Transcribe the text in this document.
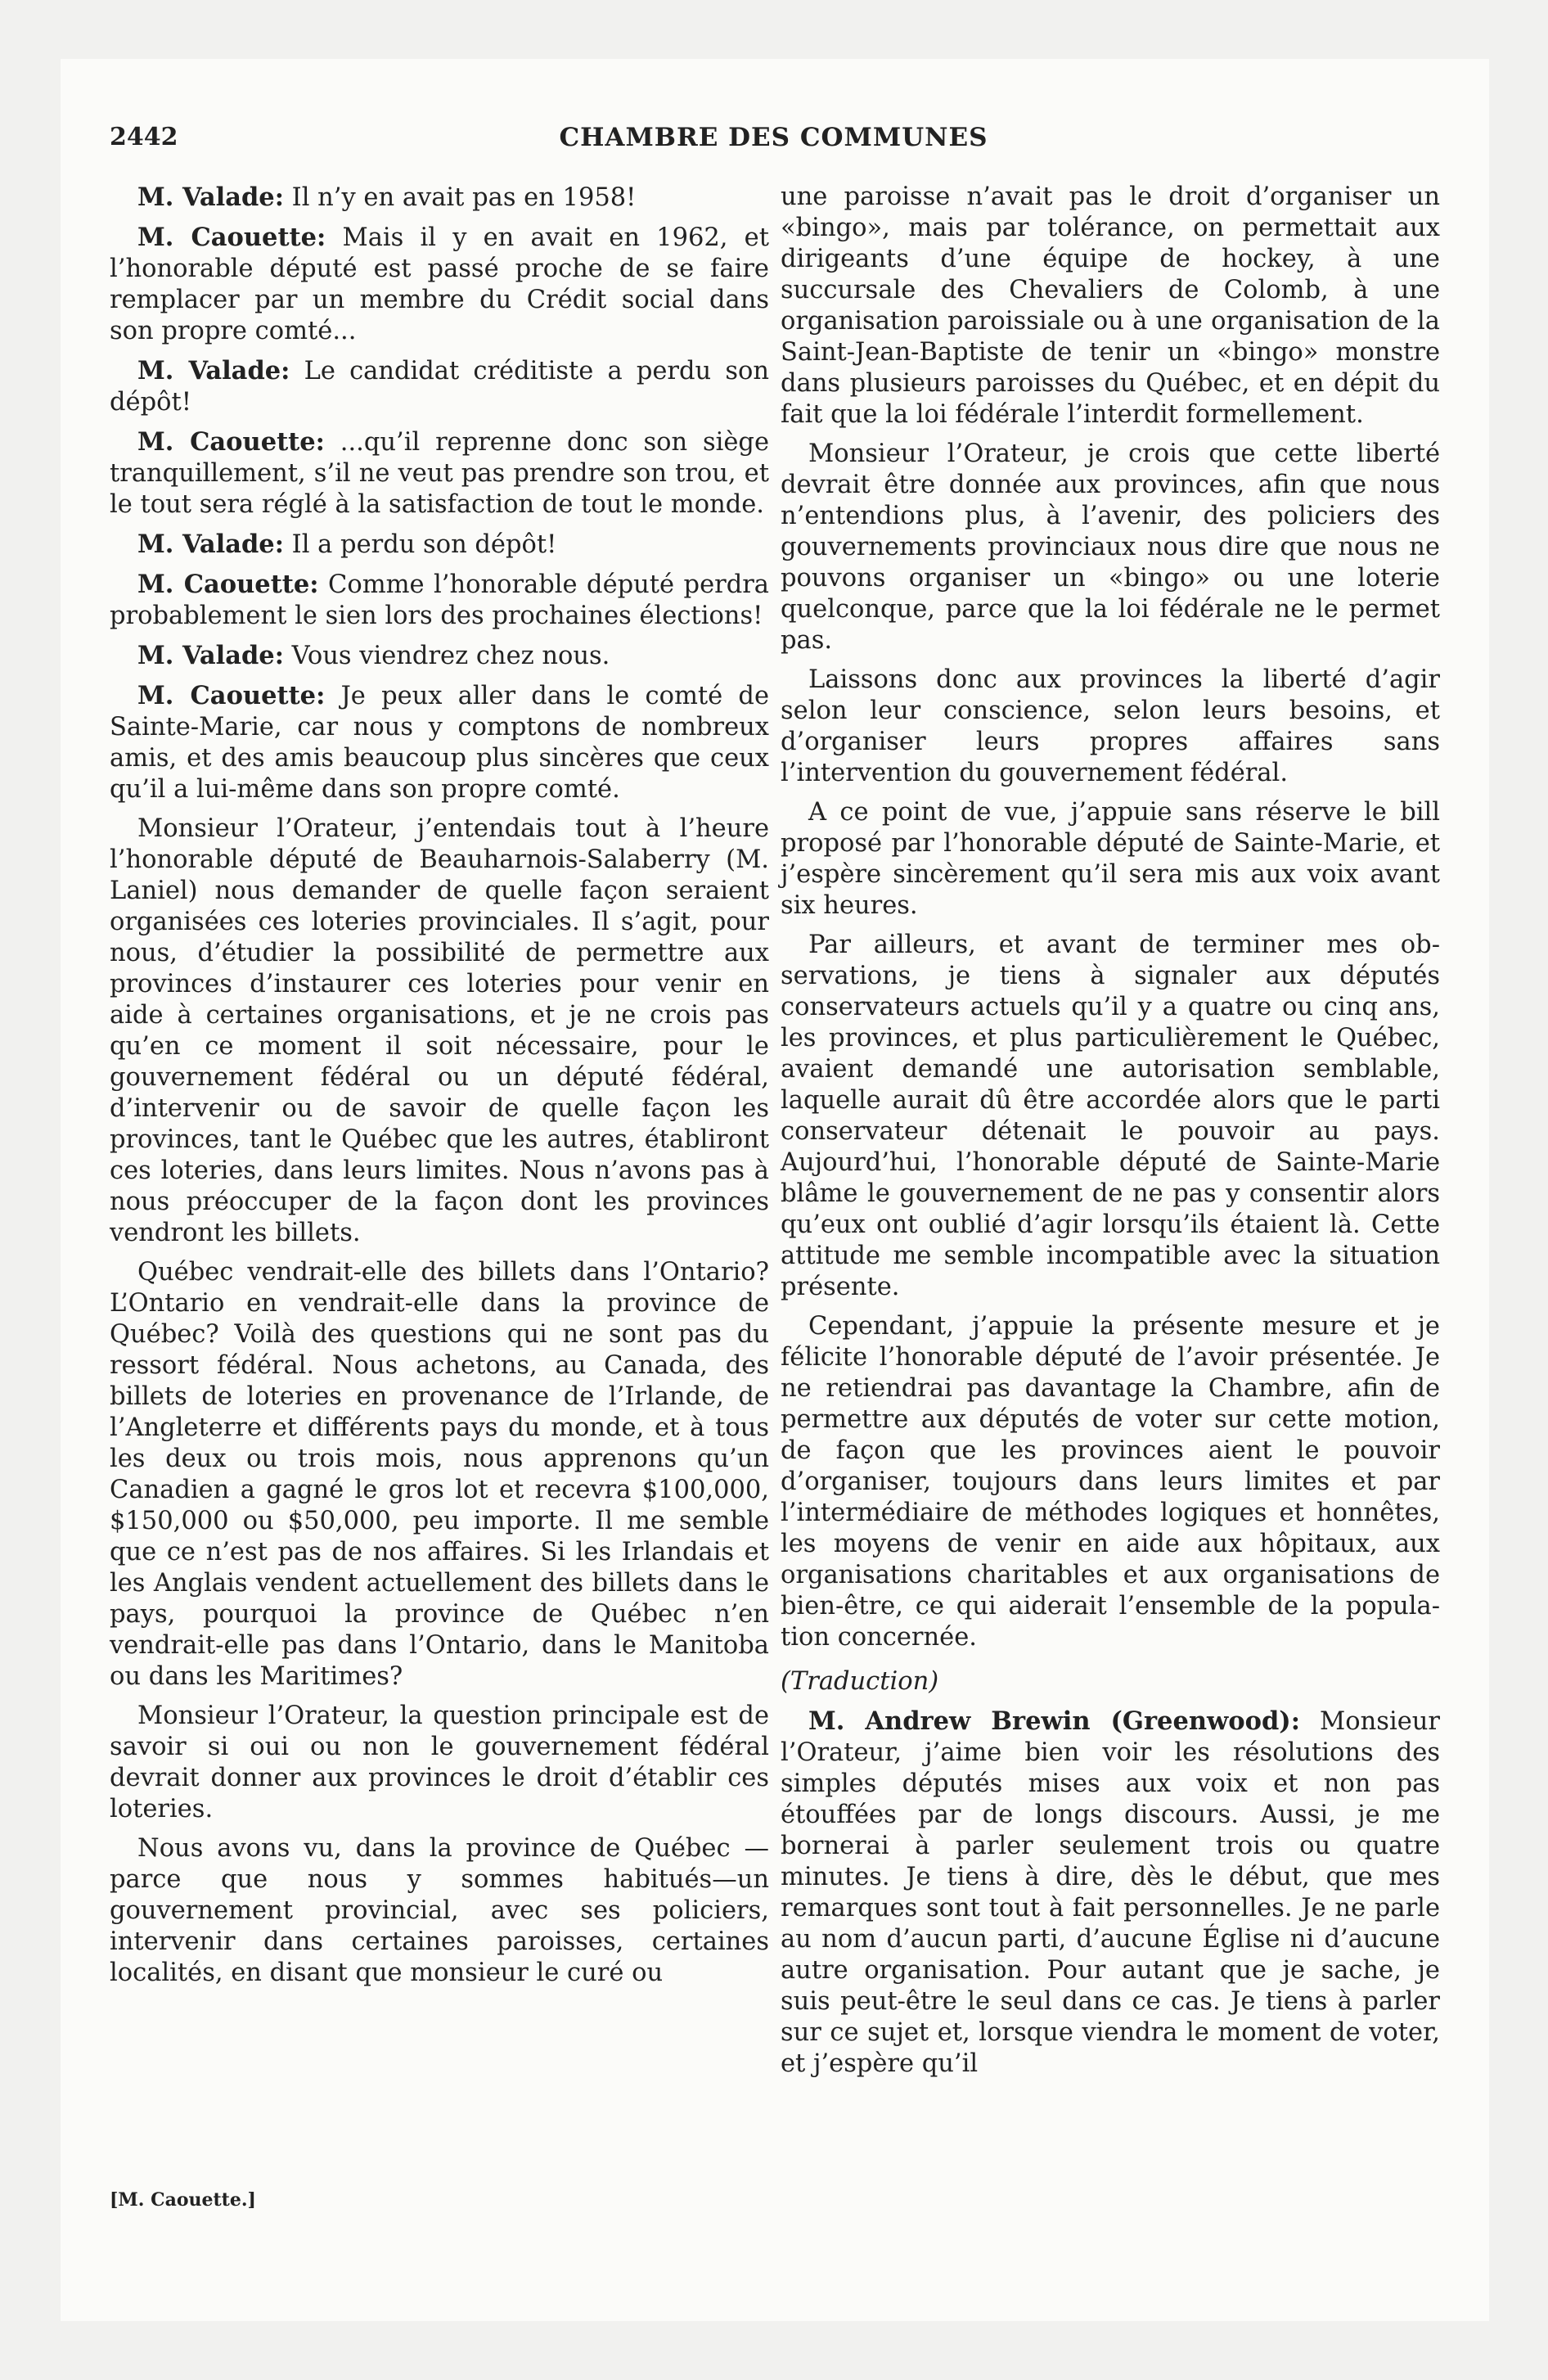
2442	CHAMBRE DES COMMUNES

M. Valade: Il n’y en avait pas en 1958!

M. Caouette: Mais il y en avait en 1962, et l’honorable député est passé proche de se faire remplacer par un membre du Crédit social dans son propre comté...

M. Valade: Le candidat créditiste a perdu son dépôt!

M. Caouette: ...qu’il reprenne donc son siège tranquillement, s’il ne veut pas prendre son trou, et le tout sera réglé à la satisfaction de tout le monde.

M. Valade: Il a perdu son dépôt!

M. Caouette: Comme l’honorable député perdra probablement le sien lors des prochaines élections!

M. Valade: Vous viendrez chez nous.

M. Caouette: Je peux aller dans le comté de Sainte-Marie, car nous y comptons de nombreux amis, et des amis beaucoup plus sincères que ceux qu’il a lui-même dans son propre comté.

Monsieur l’Orateur, j’entendais tout à l’heure l’honorable député de Beauharnois-Salaberry (M. Laniel) nous demander de quelle façon seraient organisées ces loteries provinciales. Il s’agit, pour nous, d’étudier la possibilité de permettre aux provinces d’instaurer ces loteries pour venir en aide à certaines organisations, et je ne crois pas qu’en ce moment il soit nécessaire, pour le gouvernement fédéral ou un député fédéral, d’intervenir ou de savoir de quelle façon les provinces, tant le Québec que les autres, établiront ces loteries, dans leurs limites. Nous n’avons pas à nous préoccuper de la façon dont les provinces vendront les billets.

Québec vendrait-elle des billets dans l’Ontario? L’Ontario en vendrait-elle dans la province de Québec? Voilà des questions qui ne sont pas du ressort fédéral. Nous achetons, au Canada, des billets de loteries en provenance de l’Irlande, de l’Angleterre et différents pays du monde, et à tous les deux ou trois mois, nous apprenons qu’un Canadien a gagné le gros lot et recevra $100,000, $150,000 ou $50,000, peu importe. Il me semble que ce n’est pas de nos affaires. Si les Irlandais et les Anglais vendent actuellement des billets dans le pays, pourquoi la province de Québec n’en vendrait-elle pas dans l’Ontario, dans le Manitoba ou dans les Maritimes?

Monsieur l’Orateur, la question principale est de savoir si oui ou non le gouvernement fédéral devrait donner aux provinces le droit d’établir ces loteries.

Nous avons vu, dans la province de Québec —parce que nous y sommes habitués—un gouvernement provincial, avec ses policiers, intervenir dans certaines paroisses, certaines localités, en disant que monsieur le curé ou

une paroisse n’avait pas le droit d’organiser un «bingo», mais par tolérance, on permettait aux dirigeants d’une équipe de hockey, à une succursale des Chevaliers de Colomb, à une organisation paroissiale ou à une organisation de la Saint-Jean-Baptiste de tenir un «bingo» monstre dans plusieurs paroisses du Québec, et en dépit du fait que la loi fédérale l’interdit formellement.

Monsieur l’Orateur, je crois que cette liberté devrait être donnée aux provinces, afin que nous n’entendions plus, à l’avenir, des policiers des gouvernements provinciaux nous dire que nous ne pouvons organiser un «bingo» ou une loterie quelconque, parce que la loi fédérale ne le permet pas.

Laissons donc aux provinces la liberté d’agir selon leur conscience, selon leurs besoins, et d’organiser leurs propres affaires sans l’intervention du gouvernement fédéral.

A ce point de vue, j’appuie sans réserve le bill proposé par l’honorable député de Sainte-Marie, et j’espère sincèrement qu’il sera mis aux voix avant six heures.

Par ailleurs, et avant de terminer mes observations, je tiens à signaler aux députés conservateurs actuels qu’il y a quatre ou cinq ans, les provinces, et plus particulièrement le Québec, avaient demandé une autorisation semblable, laquelle aurait dû être accordée alors que le parti conservateur détenait le pouvoir au pays. Aujourd’hui, l’honorable député de Sainte-Marie blâme le gouvernement de ne pas y consentir alors qu’eux ont oublié d’agir lorsqu’ils étaient là. Cette attitude me semble incompatible avec la situation présente.

Cependant, j’appuie la présente mesure et je félicite l’honorable député de l’avoir présentée. Je ne retiendrai pas davantage la Chambre, afin de permettre aux députés de voter sur cette motion, de façon que les provinces aient le pouvoir d’organiser, toujours dans leurs limites et par l’intermédiaire de méthodes logiques et honnêtes, les moyens de venir en aide aux hôpitaux, aux organisations charitables et aux organisations de bien-être, ce qui aiderait l’ensemble de la population concernée.

(Traduction)

M. Andrew Brewin (Greenwood): Monsieur l’Orateur, j’aime bien voir les résolutions des simples députés mises aux voix et non pas étouffées par de longs discours. Aussi, je me bornerai à parler seulement trois ou quatre minutes. Je tiens à dire, dès le début, que mes remarques sont tout à fait personnelles. Je ne parle au nom d’aucun parti, d’aucune Église ni d’aucune autre organisation. Pour autant que je sache, je suis peut-être le seul dans ce cas. Je tiens à parler sur ce sujet et, lorsque viendra le moment de voter, et j’espère qu’il

[M. Caouette.]
